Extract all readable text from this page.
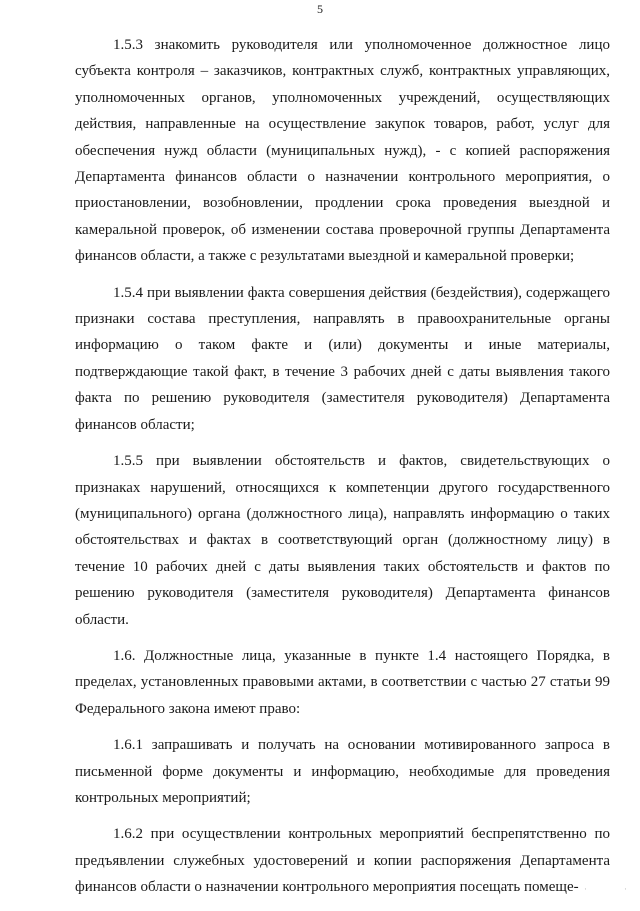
5

1.5.3 знакомить руководителя или уполномоченное должностное лицо субъекта контроля – заказчиков, контрактных служб, контрактных управляющих, уполномоченных органов, уполномоченных учреждений, осуществляющих действия, направленные на осуществление закупок товаров, работ, услуг для обеспечения нужд области (муниципальных нужд), - с копией распоряжения Департамента финансов области о назначении контрольного мероприятия, о приостановлении, возобновлении, продлении срока проведения выездной и камеральной проверок, об изменении состава проверочной группы Департамента финансов области, а также с результатами выездной и камеральной проверки;

1.5.4 при выявлении факта совершения действия (бездействия), содержащего признаки состава преступления, направлять в правоохранительные органы информацию о таком факте и (или) документы и иные материалы, подтверждающие такой факт, в течение 3 рабочих дней с даты выявления такого факта по решению руководителя (заместителя руководителя) Департамента финансов области;

1.5.5 при выявлении обстоятельств и фактов, свидетельствующих о признаках нарушений, относящихся к компетенции другого государственного (муниципального) органа (должностного лица), направлять информацию о таких обстоятельствах и фактах в соответствующий орган (должностному лицу) в течение 10 рабочих дней с даты выявления таких обстоятельств и фактов по решению руководителя (заместителя руководителя) Департамента финансов области.

1.6. Должностные лица, указанные в пункте 1.4 настоящего Порядка, в пределах, установленных правовыми актами, в соответствии с частью 27 статьи 99 Федерального закона имеют право:

1.6.1 запрашивать и получать на основании мотивированного запроса в письменной форме документы и информацию, необходимые для проведения контрольных мероприятий;

1.6.2 при осуществлении контрольных мероприятий беспрепятственно по предъявлении служебных удостоверений и копии распоряжения Департамента финансов области о назначении контрольного мероприятия посещать помеще- ·	·
